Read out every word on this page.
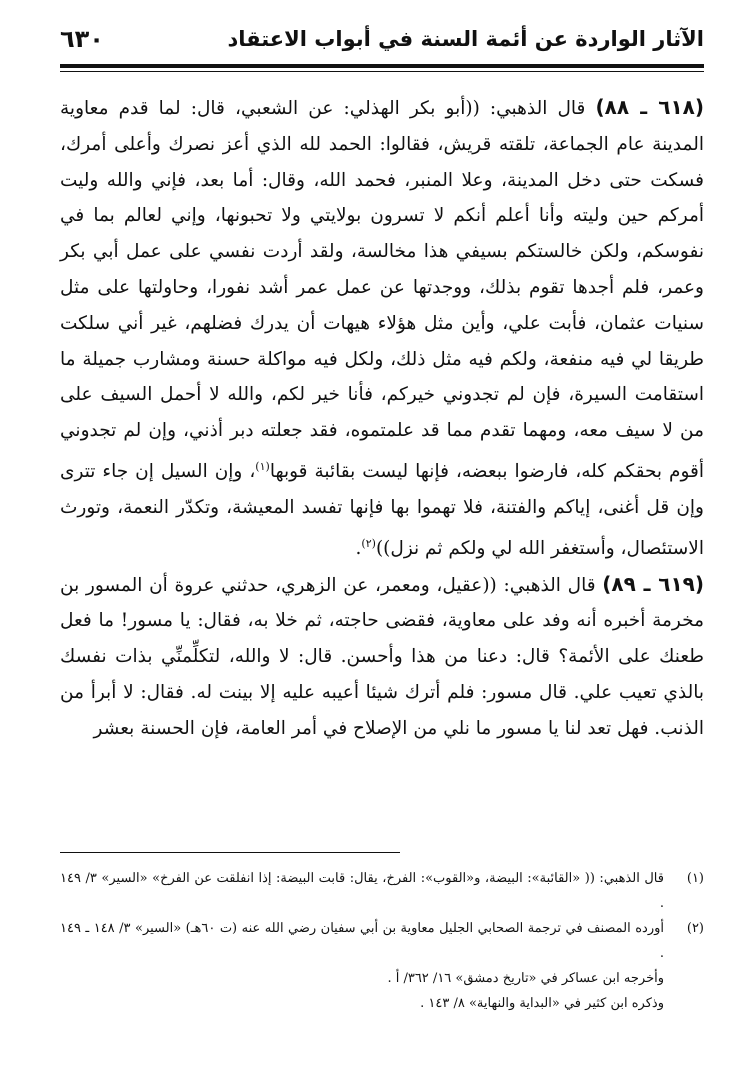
الآثار الواردة عن أئمة السنة في أبواب الاعتقاد
٦٣٠

(٦١٨ ـ ٨٨) قال الذهبي: ((أبو بكر الهذلي: عن الشعبي، قال: لما قدم معاوية المدينة عام الجماعة، تلقته قريش، فقالوا: الحمد لله الذي أعز نصرك وأعلى أمرك، فسكت حتى دخل المدينة، وعلا المنبر، فحمد الله، وقال: أما بعد، فإني والله وليت أمركم حين وليته وأنا أعلم أنكم لا تسرون بولايتي ولا تحبونها، وإني لعالم بما في نفوسكم، ولكن خالستكم بسيفي هذا مخالسة، ولقد أردت نفسي على عمل أبي بكر وعمر، فلم أجدها تقوم بذلك، ووجدتها عن عمل عمر أشد نفورا، وحاولتها على مثل سنيات عثمان، فأبت علي، وأين مثل هؤلاء هيهات أن يدرك فضلهم، غير أني سلكت طريقا لي فيه منفعة، ولكم فيه مثل ذلك، ولكل فيه مواكلة حسنة ومشارب جميلة ما استقامت السيرة، فإن لم تجدوني خيركم، فأنا خير لكم، والله لا أحمل السيف على من لا سيف معه، ومهما تقدم مما قد علمتموه، فقد جعلته دبر أذني، وإن لم تجدوني أقوم بحقكم كله، فارضوا ببعضه، فإنها ليست بقائبة قوبها$^{(١)}$، وإن السيل إن جاء تترى وإن قل أغنى، إياكم والفتنة، فلا تهموا بها فإنها تفسد المعيشة، وتكدّر النعمة، وتورث الاستئصال، وأستغفر الله لي ولكم ثم نزل))$^{(٢)}$.

(٦١٩ ـ ٨٩) قال الذهبي: ((عقيل، ومعمر، عن الزهري، حدثني عروة أن المسور بن مخرمة أخبره أنه وفد على معاوية، فقضى حاجته، ثم خلا به، فقال: يا مسور! ما فعل طعنك على الأئمة؟ قال: دعنا من هذا وأحسن. قال: لا والله، لتكلِّمنِّي بذات نفسك بالذي تعيب علي. قال مسور: فلم أترك شيئا أعيبه عليه إلا بينت له. فقال: لا أبرأ من الذنب. فهل تعد لنا يا مسور ما نلي من الإصلاح في أمر العامة، فإن الحسنة بعشر

(١)
قال الذهبي: (( «القائبة»: البيضة، و«القوب»: الفرخ، يقال: قابت البيضة: إذا انفلقت عن الفرخ» «السير» ٣/ ١٤٩ .
(٢)
أورده المصنف في ترجمة الصحابي الجليل معاوية بن أبي سفيان رضي الله عنه (ت ٦٠هـ) «السير» ٣/ ١٤٨ ـ ١٤٩ .
وأخرجه ابن عساكر في «تاريخ دمشق» ١٦/ ٣٦٢/ أ .
وذكره ابن كثير في «البداية والنهاية» ٨/ ١٤٣ .
